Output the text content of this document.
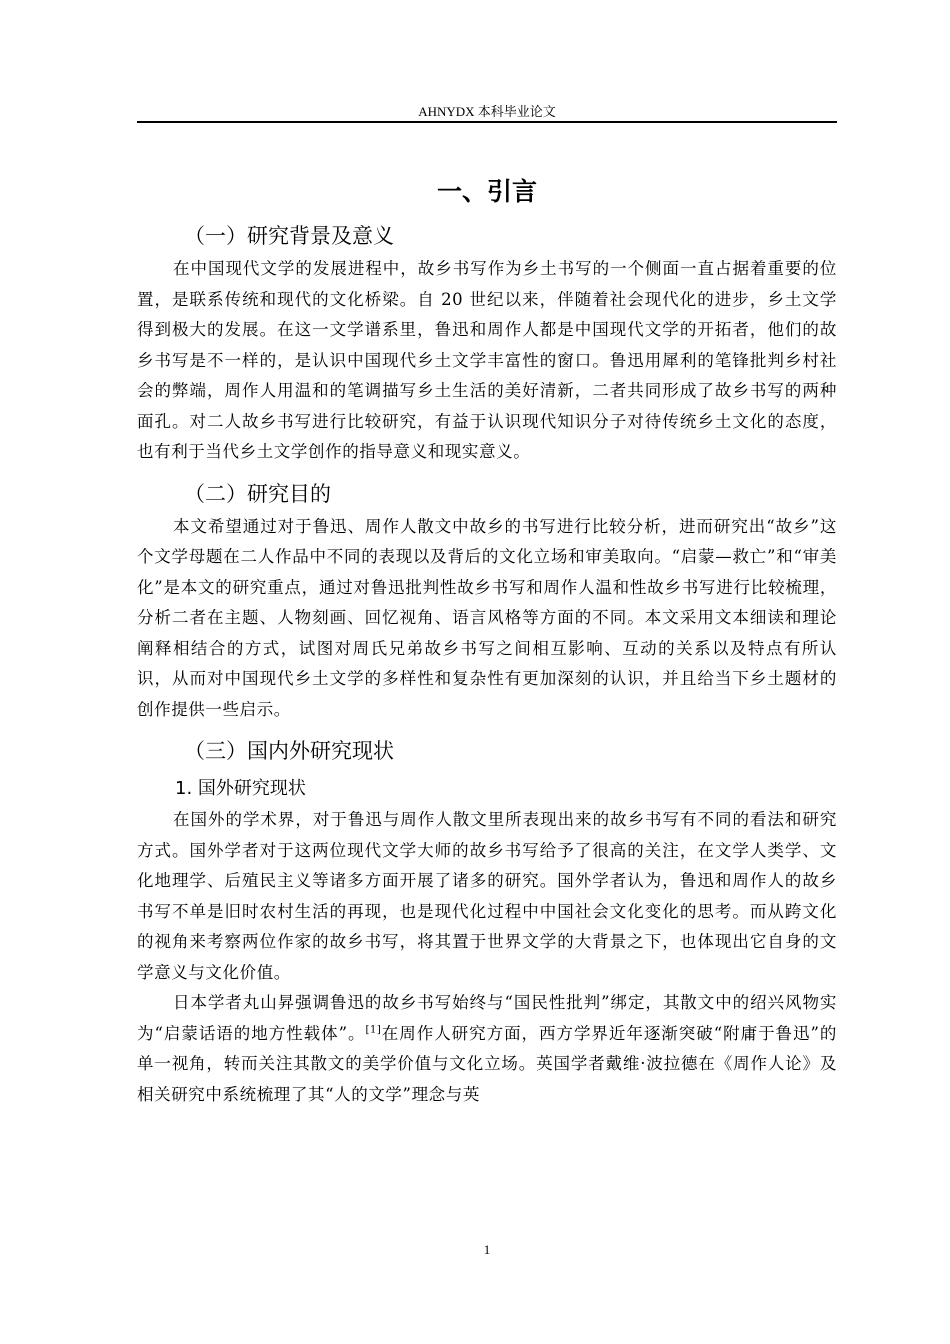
AHNYDX 本科毕业论文
一、引言
（一）研究背景及意义

在中国现代文学的发展进程中，故乡书写作为乡土书写的一个侧面一直占据着重要的位置，是联系传统和现代的文化桥梁。自 20 世纪以来，伴随着社会现代化的进步，乡土文学得到极大的发展。在这一文学谱系里，鲁迅和周作人都是中国现代文学的开拓者，他们的故乡书写是不一样的，是认识中国现代乡土文学丰富性的窗口。鲁迅用犀利的笔锋批判乡村社会的弊端，周作人用温和的笔调描写乡土生活的美好清新，二者共同形成了故乡书写的两种面孔。对二人故乡书写进行比较研究，有益于认识现代知识分子对待传统乡土文化的态度，也有利于当代乡土文学创作的指导意义和现实意义。

（二）研究目的

本文希望通过对于鲁迅、周作人散文中故乡的书写进行比较分析，进而研究出“故乡”这个文学母题在二人作品中不同的表现以及背后的文化立场和审美取向。“启蒙—救亡”和“审美化”是本文的研究重点，通过对鲁迅批判性故乡书写和周作人温和性故乡书写进行比较梳理，分析二者在主题、人物刻画、回忆视角、语言风格等方面的不同。本文采用文本细读和理论阐释相结合的方式，试图对周氏兄弟故乡书写之间相互影响、互动的关系以及特点有所认识，从而对中国现代乡土文学的多样性和复杂性有更加深刻的认识，并且给当下乡土题材的创作提供一些启示。

（三）国内外研究现状
1. 国外研究现状

在国外的学术界，对于鲁迅与周作人散文里所表现出来的故乡书写有不同的看法和研究方式。国外学者对于这两位现代文学大师的故乡书写给予了很高的关注，在文学人类学、文化地理学、后殖民主义等诸多方面开展了诸多的研究。国外学者认为，鲁迅和周作人的故乡书写不单是旧时农村生活的再现，也是现代化过程中中国社会文化变化的思考。而从跨文化的视角来考察两位作家的故乡书写，将其置于世界文学的大背景之下，也体现出它自身的文学意义与文化价值。

日本学者丸山昇强调鲁迅的故乡书写始终与“国民性批判”绑定，其散文中的绍兴风物实为“启蒙话语的地方性载体”。[1]在周作人研究方面，西方学界近年逐渐突破“附庸于鲁迅”的单一视角，转而关注其散文的美学价值与文化立场。英国学者戴维·波拉德在《周作人论》及相关研究中系统梳理了其“人的文学”理念与英

1
